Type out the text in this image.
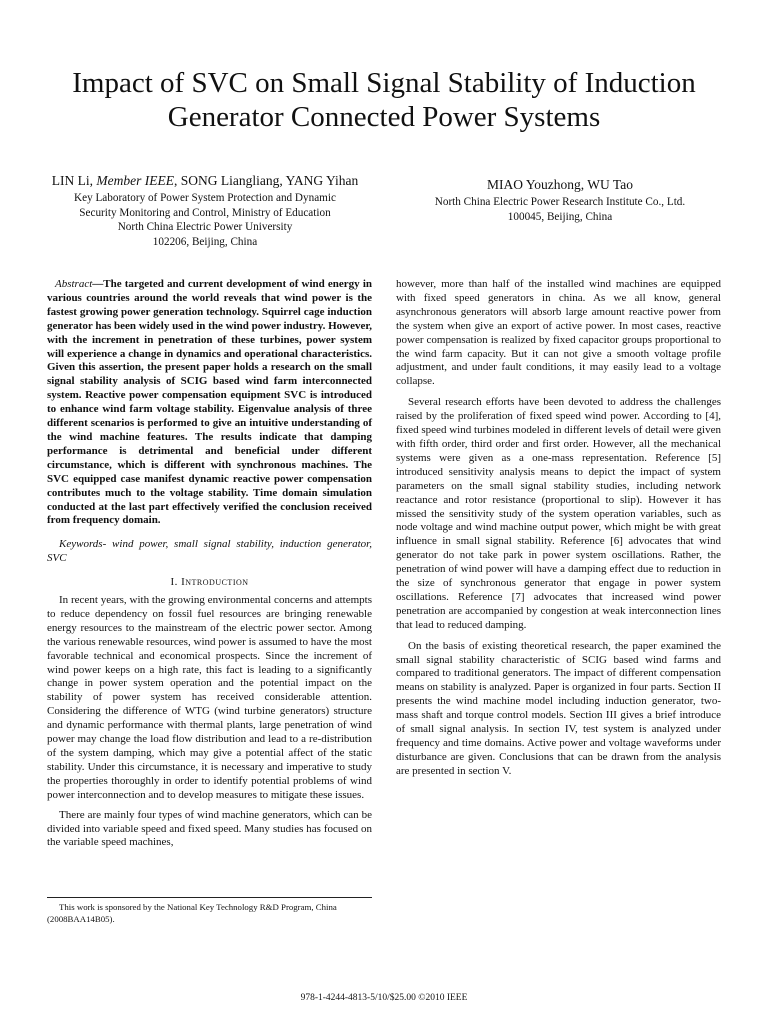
Impact of SVC on Small Signal Stability of Induction Generator Connected Power Systems
LIN Li, Member IEEE, SONG Liangliang, YANG Yihan
Key Laboratory of Power System Protection and Dynamic
Security Monitoring and Control, Ministry of Education
North China Electric Power University
102206, Beijing, China
MIAO Youzhong, WU Tao
North China Electric Power Research Institute Co., Ltd.
100045, Beijing, China

Abstract—The targeted and current development of wind energy in various countries around the world reveals that wind power is the fastest growing power generation technology. Squirrel cage induction generator has been widely used in the wind power industry. However, with the increment in penetration of these turbines, power system will experience a change in dynamics and operational characteristics. Given this assertion, the present paper holds a research on the small signal stability analysis of SCIG based wind farm interconnected system. Reactive power compensation equipment SVC is introduced to enhance wind farm voltage stability. Eigenvalue analysis of three different scenarios is performed to give an intuitive understanding of the wind machine features. The results indicate that damping performance is detrimental and beneficial under different circumstance, which is different with synchronous machines. The SVC equipped case manifest dynamic reactive power compensation contributes much to the voltage stability. Time domain simulation conducted at the last part effectively verified the conclusion received from frequency domain.

Keywords- wind power, small signal stability, induction generator, SVC

I. Introduction

In recent years, with the growing environmental concerns and attempts to reduce dependency on fossil fuel resources are bringing renewable energy resources to the mainstream of the electric power sector. Among the various renewable resources, wind power is assumed to have the most favorable technical and economical prospects. Since the increment of wind power keeps on a high rate, this fact is leading to a significantly change in power system operation and the potential impact on the stability of power system has received considerable attention. Considering the difference of WTG (wind turbine generators) structure and dynamic performance with thermal plants, large penetration of wind power may change the load flow distribution and lead to a re-distribution of the system damping, which may give a potential affect of the static stability. Under this circumstance, it is necessary and imperative to study the properties thoroughly in order to identify potential problems of wind power interconnection and to develop measures to mitigate these issues.

There are mainly four types of wind machine generators, which can be divided into variable speed and fixed speed. Many studies has focused on the variable speed machines,

however, more than half of the installed wind machines are equipped with fixed speed generators in china. As we all know, general asynchronous generators will absorb large amount reactive power from the system when give an export of active power. In most cases, reactive power compensation is realized by fixed capacitor groups proportional to the wind farm capacity. But it can not give a smooth voltage profile adjustment, and under fault conditions, it may easily lead to a voltage collapse.

Several research efforts have been devoted to address the challenges raised by the proliferation of fixed speed wind power. According to [4], fixed speed wind turbines modeled in different levels of detail were given with fifth order, third order and first order. However, all the mechanical systems were given as a one-mass representation. Reference [5] introduced sensitivity analysis means to depict the impact of system parameters on the small signal stability studies, including network reactance and rotor resistance (proportional to slip). However it has missed the sensitivity study of the system operation variables, such as node voltage and wind machine output power, which might be with great influence in small signal stability. Reference [6] advocates that wind generator do not take park in power system oscillations. Rather, the penetration of wind power will have a damping effect due to reduction in the size of synchronous generator that engage in power system oscillations. Reference [7] advocates that increased wind power penetration are accompanied by congestion at weak interconnection lines that lead to reduced damping.

On the basis of existing theoretical research, the paper examined the small signal stability characteristic of SCIG based wind farms and compared to traditional generators. The impact of different compensation means on stability is analyzed. Paper is organized in four parts. Section II presents the wind machine model including induction generator, two-mass shaft and torque control models. Section III gives a brief introduce of small signal analysis. In section IV, test system is analyzed under frequency and time domains. Active power and voltage waveforms under disturbance are given. Conclusions that can be drawn from the analysis are presented in section V.

This work is sponsored by the National Key Technology R&D Program, China (2008BAA14B05).
978-1-4244-4813-5/10/$25.00 ©2010 IEEE
